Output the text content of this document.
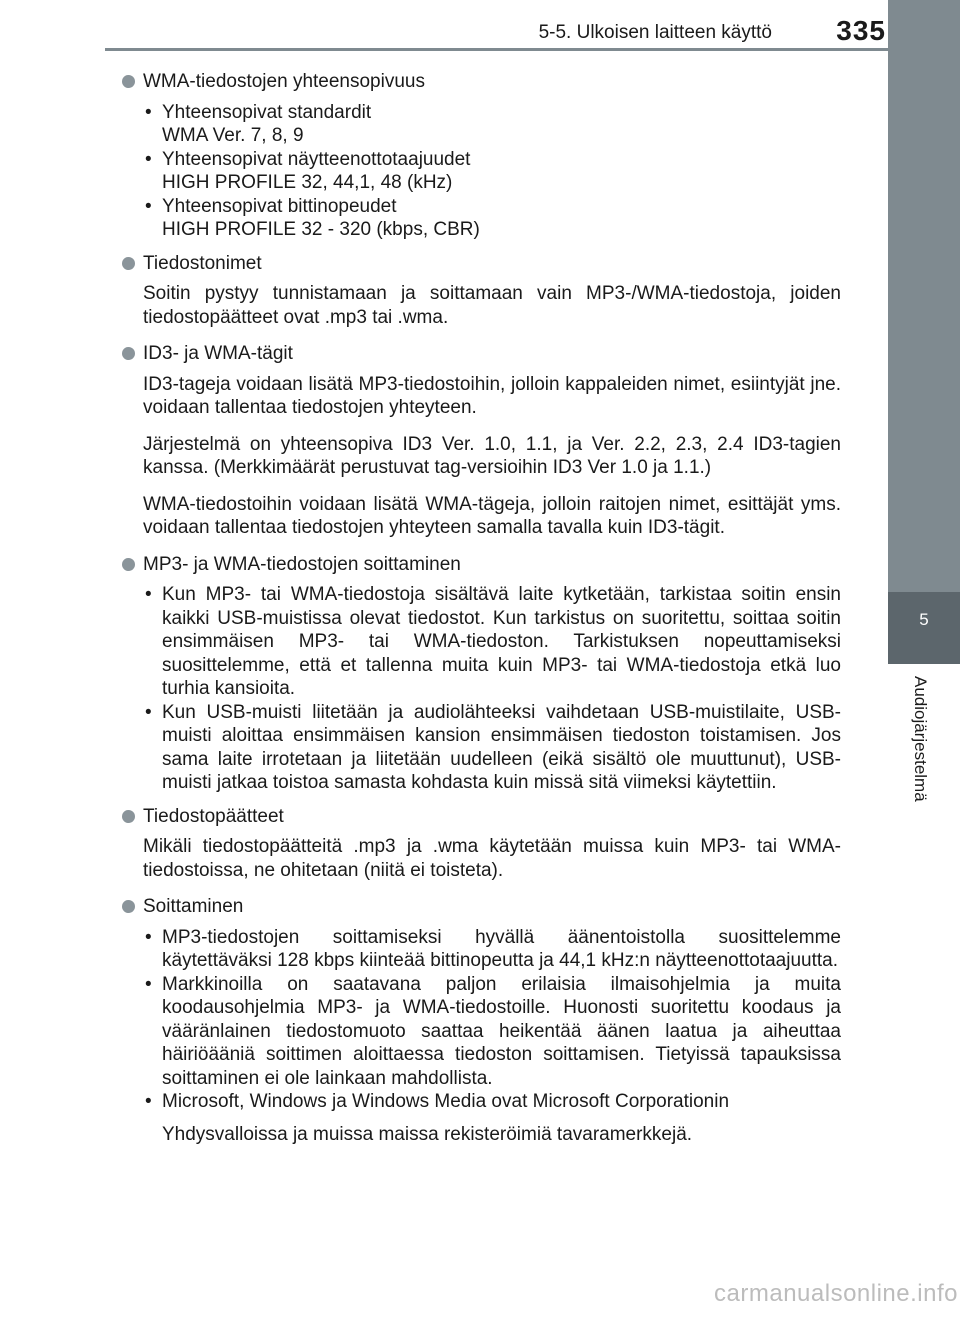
5-5. Ulkoisen laitteen käyttö	335
5
Audiojärjestelmä
WMA-tiedostojen yhteensopivuus
• Yhteensopivat standardit
WMA Ver. 7, 8, 9
• Yhteensopivat näytteenottotaajuudet
HIGH PROFILE 32, 44,1, 48 (kHz)
• Yhteensopivat bittinopeudet
HIGH PROFILE 32 - 320 (kbps, CBR)
Tiedostonimet

Soitin pystyy tunnistamaan ja soittamaan vain MP3-/WMA-tiedostoja, joiden tiedostopäätteet ovat .mp3 tai .wma.

ID3- ja WMA-tägit

ID3-tageja voidaan lisätä MP3-tiedostoihin, jolloin kappaleiden nimet, esiintyjät jne. voidaan tallentaa tiedostojen yhteyteen.

Järjestelmä on yhteensopiva ID3 Ver. 1.0, 1.1, ja Ver. 2.2, 2.3, 2.4 ID3-tagien kanssa. (Merkkimäärät perustuvat tag-versioihin ID3 Ver 1.0 ja 1.1.)

WMA-tiedostoihin voidaan lisätä WMA-tägeja, jolloin raitojen nimet, esittäjät yms. voidaan tallentaa tiedostojen yhteyteen samalla tavalla kuin ID3-tägit.

MP3- ja WMA-tiedostojen soittaminen
• Kun MP3- tai WMA-tiedostoja sisältävä laite kytketään, tarkistaa soitin ensin kaikki USB-muistissa olevat tiedostot. Kun tarkistus on suoritettu, soittaa soitin ensimmäisen MP3- tai WMA-tiedoston. Tarkistuksen nopeuttamiseksi suosittelemme, että et tallenna muita kuin MP3- tai WMA-tiedostoja etkä luo turhia kansioita.
• Kun USB-muisti liitetään ja audiolähteeksi vaihdetaan USB-muistilaite, USB-muisti aloittaa ensimmäisen kansion ensimmäisen tiedoston toistamisen. Jos sama laite irrotetaan ja liitetään uudelleen (eikä sisältö ole muuttunut), USB-muisti jatkaa toistoa samasta kohdasta kuin missä sitä viimeksi käytettiin.
Tiedostopäätteet

Mikäli tiedostopäätteitä .mp3 ja .wma käytetään muissa kuin MP3- tai WMA-tiedostoissa, ne ohitetaan (niitä ei toisteta).

Soittaminen
• MP3-tiedostojen soittamiseksi hyvällä äänentoistolla suosittelemme käytettäväksi 128 kbps kiinteää bittinopeutta ja 44,1 kHz:n näytteenottotaajuutta.
• Markkinoilla on saatavana paljon erilaisia ilmaisohjelmia ja muita koodausohjelmia MP3- ja WMA-tiedostoille. Huonosti suoritettu koodaus ja vääränlainen tiedostomuoto saattaa heikentää äänen laatua ja aiheuttaa häiriöääniä soittimen aloittaessa tiedoston soittamisen. Tietyissä tapauksissa soittaminen ei ole lainkaan mahdollista.
• Microsoft, Windows ja Windows Media ovat Microsoft Corporationin
Yhdysvalloissa ja muissa maissa rekisteröimiä tavaramerkkejä.
carmanualsonline.info
